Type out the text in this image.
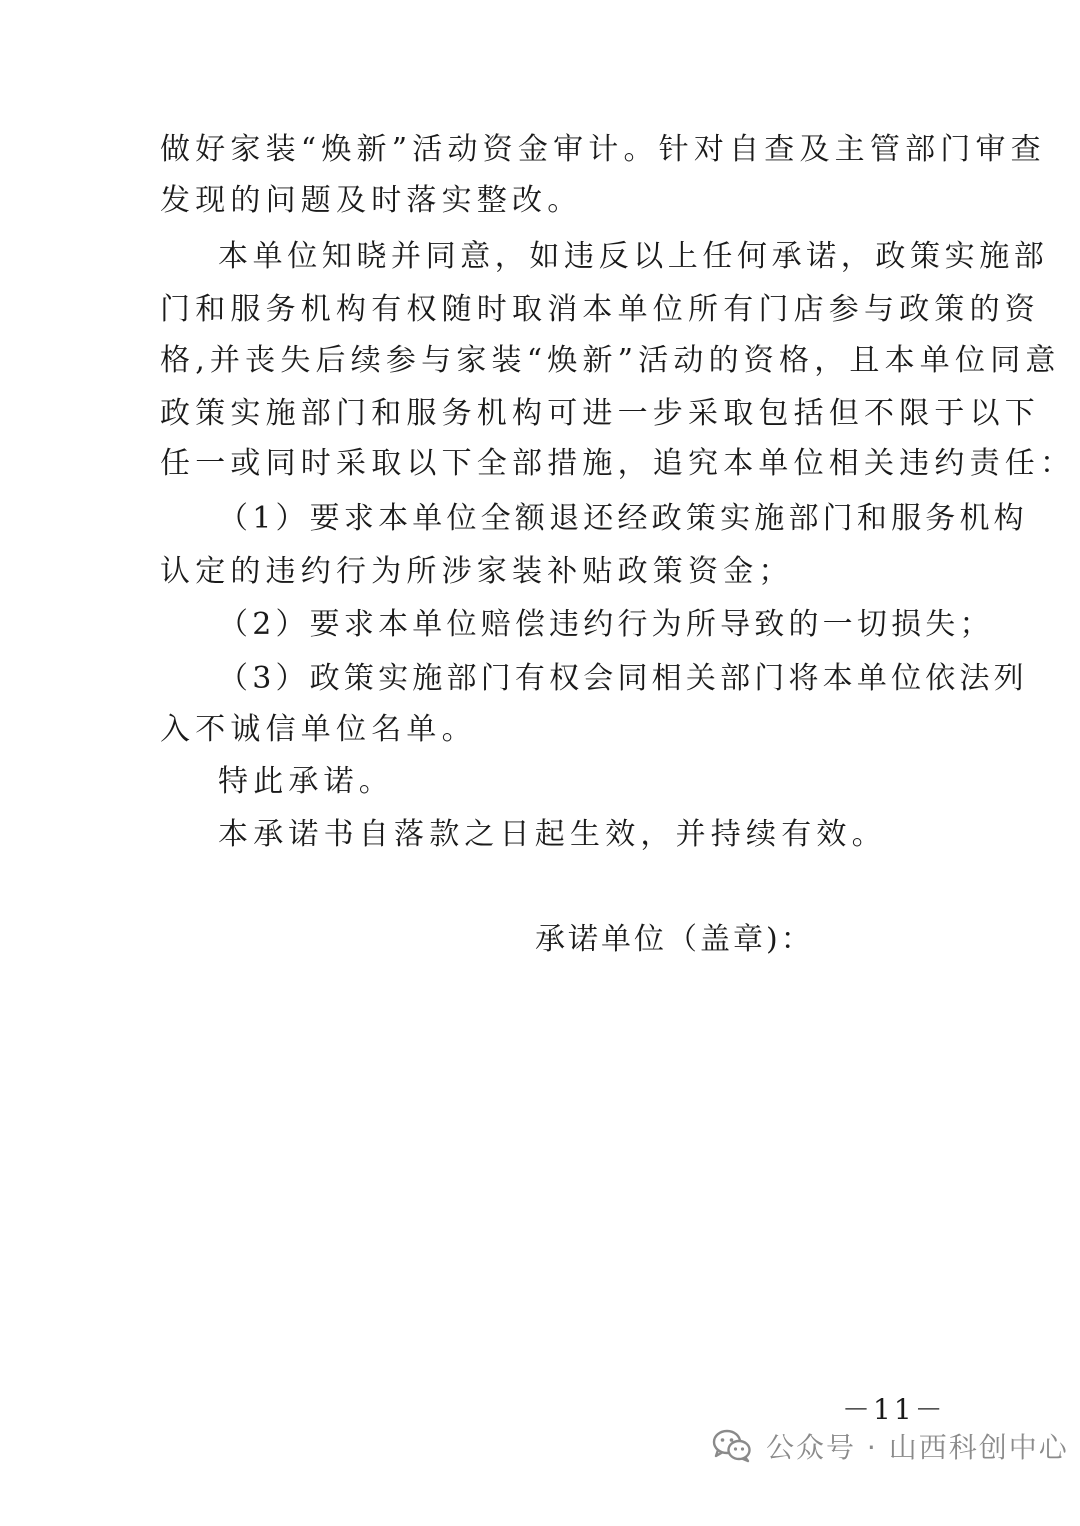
做好家装“焕新”活动资金审计。针对自查及主管部门审查
发现的问题及时落实整改。
本单位知晓并同意，如违反以上任何承诺，政策实施部
门和服务机构有权随时取消本单位所有门店参与政策的资
格,并丧失后续参与家装“焕新”活动的资格，且本单位同意
政策实施部门和服务机构可进一步采取包括但不限于以下
任一或同时采取以下全部措施，追究本单位相关违约责任：
（1）要求本单位全额退还经政策实施部门和服务机构
认定的违约行为所涉家装补贴政策资金；
（2）要求本单位赔偿违约行为所导致的一切损失；
（3）政策实施部门有权会同相关部门将本单位依法列
入不诚信单位名单。
特此承诺。
本承诺书自落款之日起生效，并持续有效。
承诺单位（盖章)：
－11－
公众号 · 山西科创中心
